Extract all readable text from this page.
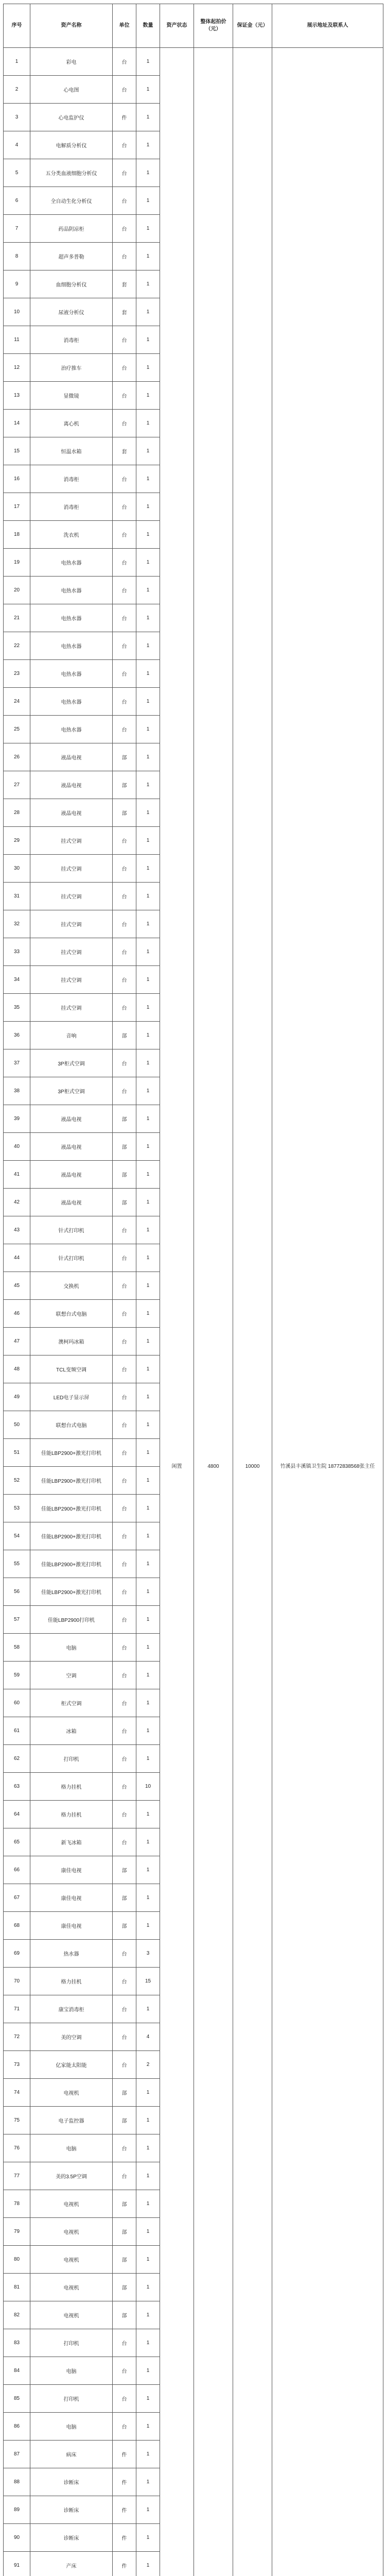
序号	资产名称	单位	数量	资产状态	整体起拍价（元）	保证金（元）	展示地址及联系人
1	彩电	台	1	闲置	4800	10000	竹溪县丰溪镇卫生院 18772838568张主任
2	心电图	台	1				
3	心电监护仪	件	1				
4	电解质分析仪	台	1				
5	五分类血液细胞分析仪	台	1				
6	全自动生化分析仪	台	1				
7	药品阴凉柜	台	1				
8	超声多普勒	台	1				
9	血细胞分析仪	套	1				
10	尿液分析仪	套	1				
11	消毒柜	台	1				
12	治疗推车	台	1				
13	显微镜	台	1				
14	离心机	台	1				
15	恒温水箱	套	1				
16	消毒柜	台	1				
17	消毒柜	台	1				
18	洗衣机	台	1				
19	电热水器	台	1				
20	电热水器	台	1				
21	电热水器	台	1				
22	电热水器	台	1				
23	电热水器	台	1				
24	电热水器	台	1				
25	电热水器	台	1				
26	液晶电视	部	1				
27	液晶电视	部	1				
28	液晶电视	部	1				
29	挂式空调	台	1				
30	挂式空调	台	1				
31	挂式空调	台	1				
32	挂式空调	台	1				
33	挂式空调	台	1				
34	挂式空调	台	1				
35	挂式空调	台	1				
36	音响	部	1				
37	3P柜式空调	台	1				
38	3P柜式空调	台	1				
39	液晶电视	部	1				
40	液晶电视	部	1				
41	液晶电视	部	1				
42	液晶电视	部	1				
43	针式打印机	台	1				
44	针式打印机	台	1				
45	交换机	台	1				
46	联想台式电脑	台	1				
47	澳柯玛冰箱	台	1				
48	TCL变频空调	台	1				
49	LED电子显示屏	台	1				
50	联想台式电脑	台	1				
51	佳能LBP2900+激光打印机	台	1				
52	佳能LBP2900+激光打印机	台	1				
53	佳能LBP2900+激光打印机	台	1				
54	佳能LBP2900+激光打印机	台	1				
55	佳能LBP2900+激光打印机	台	1				
56	佳能LBP2900+激光打印机	台	1				
57	佳能LBP2900打印机	台	1				
58	电脑	台	1				
59	空调	台	1				
60	柜式空调	台	1				
61	冰箱	台	1				
62	打印机	台	1				
63	格力挂机	台	10				
64	格力挂机	台	1				
65	新飞冰箱	台	1				
66	康佳电视	部	1				
67	康佳电视	部	1				
68	康佳电视	部	1				
69	热水器	台	3				
70	格力挂机	台	15				
71	康宝消毒柜	台	1				
72	美的空调	台	4				
73	亿家能太阳能	台	2				
74	电视机	部	1				
75	电子监控器	部	1				
76	电脑	台	1				
77	美的3.5P空调	台	1				
78	电视机	部	1				
79	电视机	部	1				
80	电视机	部	1				
81	电视机	部	1				
82	电视机	部	1				
83	打印机	台	1				
84	电脑	台	1				
85	打印机	台	1				
86	电脑	台	1				
87	病床	件	1				
88	诊断床	件	1				
89	诊断床	件	1				
90	诊断床	件	1				
91	产床	件	1				
